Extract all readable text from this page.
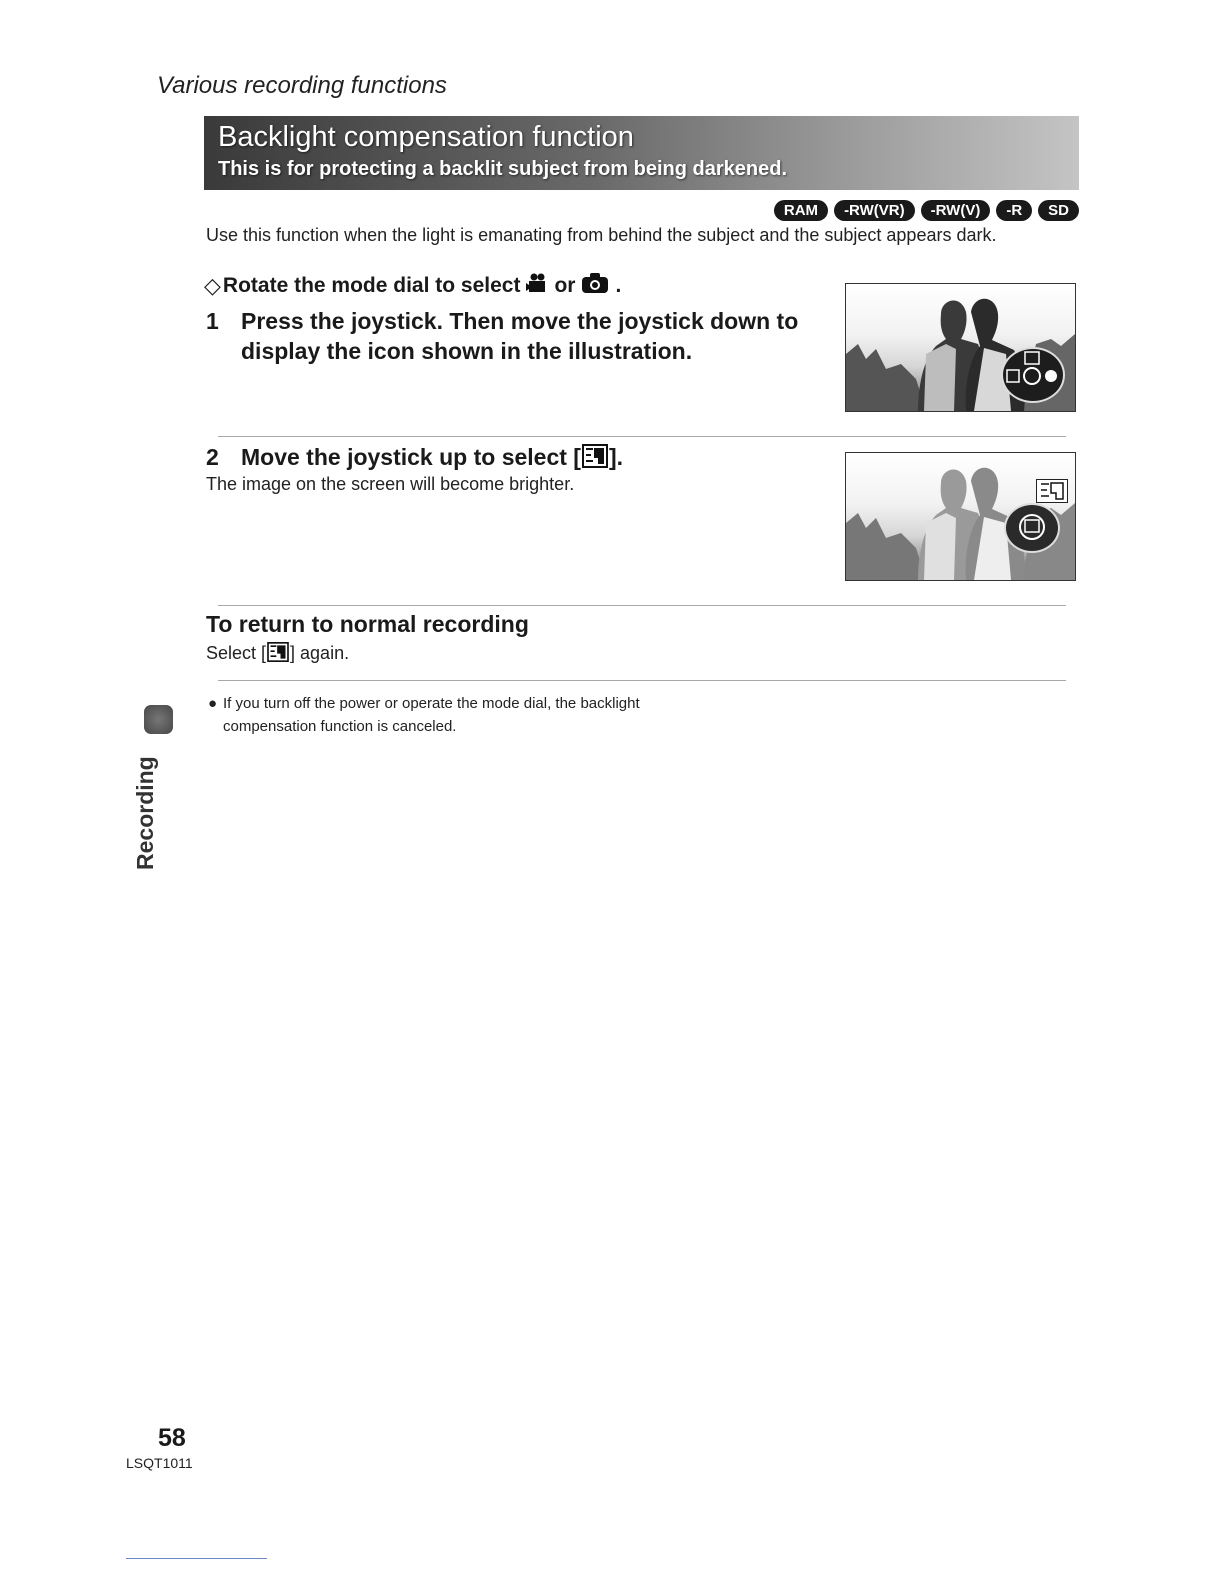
Various recording functions
Backlight compensation function
This is for protecting a backlit subject from being darkened.
RAM	-RW(VR)	-RW(V)	-R	SD
Use this function when the light is emanating from behind the subject and the subject appears dark.
◇ Rotate the mode dial to select or .
1 Press the joystick. Then move the joystick down to display the icon shown in the illustration.
2 Move the joystick up to select [ ].
The image on the screen will become brighter.
To return to normal recording
Select [ ] again.
● If you turn off the power or operate the mode dial, the backlight compensation function is canceled.
Recording
58
LSQT1011
